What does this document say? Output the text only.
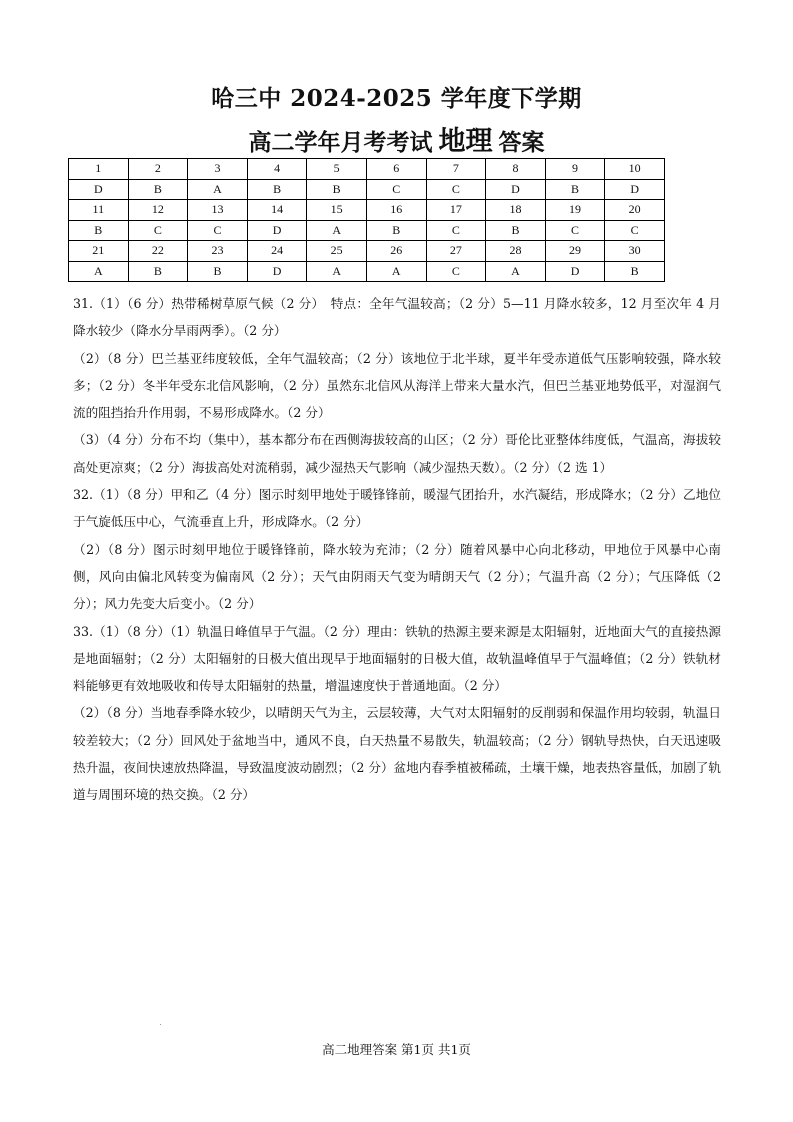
哈三中 2024-2025 学年度下学期
高二学年月考考试 地理 答案
1	2	3	4	5	6	7	8	9	10
D	B	A	B	B	C	C	D	B	D
11	12	13	14	15	16	17	18	19	20
B	C	C	D	A	B	C	B	C	C
21	22	23	24	25	26	27	28	29	30
A	B	B	D	A	A	C	A	D	B

31.（1）（6 分）热带稀树草原气候（2 分）　特点：全年气温较高；（2 分）5—11 月降水较多，12 月至次年 4 月降水较少（降水分旱雨两季）。（2 分）

（2）（8 分）巴兰基亚纬度较低，全年气温较高；（2 分）该地位于北半球，夏半年受赤道低气压影响较强，降水较多；（2 分）冬半年受东北信风影响，（2 分）虽然东北信风从海洋上带来大量水汽，但巴兰基亚地势低平，对湿润气流的阻挡抬升作用弱，不易形成降水。（2 分）

（3）（4 分）分布不均（集中），基本都分布在西侧海拔较高的山区；（2 分）哥伦比亚整体纬度低，气温高，海拔较高处更凉爽；（2 分）海拔高处对流稍弱，减少湿热天气影响（减少湿热天数）。（2 分）（2 选 1）

32.（1）（8 分）甲和乙（4 分）图示时刻甲地处于暖锋锋前，暖湿气团抬升，水汽凝结，形成降水；（2 分）乙地位于气旋低压中心，气流垂直上升，形成降水。（2 分）

（2）（8 分）图示时刻甲地位于暖锋锋前，降水较为充沛；（2 分）随着风暴中心向北移动，甲地位于风暴中心南侧，风向由偏北风转变为偏南风（2 分）；天气由阴雨天气变为晴朗天气（2 分）；气温升高（2 分）；气压降低（2 分）；风力先变大后变小。（2 分）

33.（1）（8 分）（1）轨温日峰值早于气温。（2 分）理由：铁轨的热源主要来源是太阳辐射，近地面大气的直接热源是地面辐射；（2 分）太阳辐射的日极大值出现早于地面辐射的日极大值，故轨温峰值早于气温峰值；（2 分）铁轨材料能够更有效地吸收和传导太阳辐射的热量，增温速度快于普通地面。（2 分）

（2）（8 分）当地春季降水较少，以晴朗天气为主，云层较薄，大气对太阳辐射的反削弱和保温作用均较弱，轨温日较差较大；（2 分）回风处于盆地当中，通风不良，白天热量不易散失，轨温较高；（2 分）钢轨导热快，白天迅速吸热升温，夜间快速放热降温，导致温度波动剧烈；（2 分）盆地内春季植被稀疏，土壤干燥，地表热容量低，加剧了轨道与周围环境的热交换。（2 分）

高二地理答案 第1页 共1页
